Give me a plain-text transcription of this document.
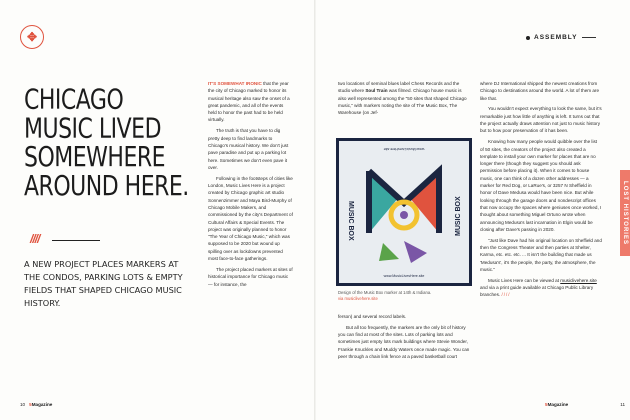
✥	ASSEMBLY
CHICAGO
MUSIC LIVED
SOMEWHERE
AROUND HERE.
////

A NEW PROJECT PLACES MARKERS AT THE CONDOS, PARKING LOTS & EMPTY FIELDS THAT SHAPED CHICAGO MUSIC HISTORY.

IT'S SOMEWHAT IRONIC that the year the city of Chicago marked to honor its musical heritage also saw the onset of a great pandemic, and all of the events held to honor the past had to be held virtually.

The truth is that you have to dig pretty deep to find landmarks to Chicago's musical history. We don't just pave paradise and put up a parking lot here. Sometimes we don't even pave it over.

Following in the footsteps of cities like London, Music Lives Here is a project created by Chicago graphic art studio Sonnenzimmer and Maya Bird-Murphy of Chicago Mobile Makers, and commissioned by the city's Department of Cultural Affairs & Special Events. The project was originally planned to honor "The Year of Chicago Music," which was supposed to be 2020 but wound up spilling over as lockdowns prevented most face-to-face gatherings.

The project placed markers at sites of historical importance for Chicago music — for instance, the

two locations of seminal blues label Chess Records and the studio where Soul Train was filmed. Chicago house music is also well represented among the "50 sites that shaped Chicago music," with markers noting the site of The Music Box, The Warehouse (on Jef-

MUSIC BOX	MUSIC BOX
www.MusicLivesHere.site
www.MusicLivesHere.site
Design of the Music Box marker at 14th & Indiana.
via musiclivehere.site

ferson) and several record labels.

But all too frequently, the markers are the only bit of history you can find at most of the sites. Lots of parking lots and sometimes just empty lots mark buildings where Stevie Wonder, Frankie Knuckles and Muddy Waters once made magic. You can peer through a chain link fence at a paved basketball court

where DJ International shipped the newest creations from Chicago to destinations around the world. A lot of them are like that.

You wouldn't expect everything to look the same, but it's remarkable just how little of anything is left. It turns out that the project actually draws attention not just to music history but to how poor preservation of it has been.

Knowing how many people would quibble over the list of 50 sites, the creators of the project also created a template to install your own marker for places that are no longer there (though they suggest you should ask permission before placing it). When it comes to house music, one can think of a dozen other addresses — a marker for Red Dog, or LaRue's, or 3257 N Sheffield in honor of Dave Medusa would have been nice. But while looking through the garage doors and nondescript offices that now occupy the spaces where geniuses once worked, I thought about something Miguel Ortuno wrote when announcing Medusa's last incarnation in Elgin would be closing after Dave's passing in 2020.

"Just like Dave had his original location on Sheffield and then the Congress Theater and then parties at Shelter, Karma, etc. etc. etc. ... It isn't the building that made us 'Medusa's', it's the people, the party, the atmosphere, the music."

Music Lives Here can be viewed at musiclivehere.site and via a print guide available at Chicago Public Library branches. ////

LOST HISTORIES
10 5Magazine	5Magazine	11
